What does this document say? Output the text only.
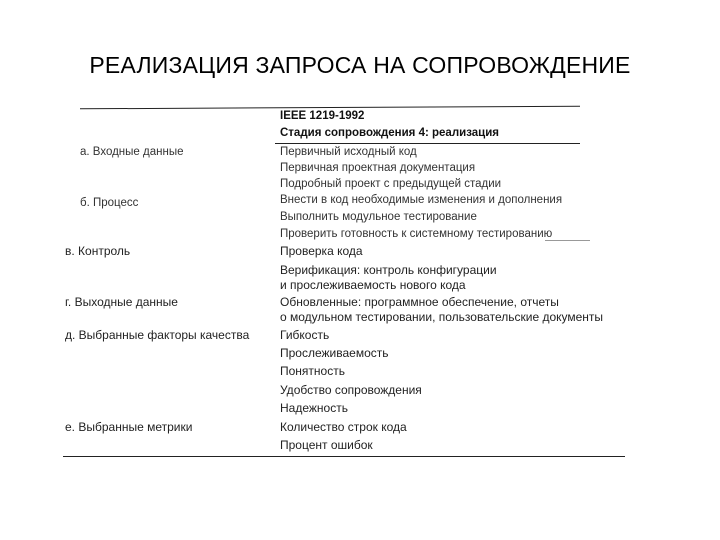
РЕАЛИЗАЦИЯ ЗАПРОСА НА СОПРОВОЖДЕНИЕ
IEEE 1219-1992
Стадия сопровождения 4: реализация
а. Входные данные	Первичный исходный код
Первичная проектная документация
Подробный проект с предыдущей стадии
б. Процесс	Внести в код необходимые изменения и дополнения
Выполнить модульное тестирование
Проверить готовность к системному тестированию
в. Контроль	Проверка кода
Верификация: контроль конфигурации
и прослеживаемость нового кода
г. Выходные данные	Обновленные: программное обеспечение, отчеты
о модульном тестировании, пользовательские документы
д. Выбранные факторы качества	Гибкость
Прослеживаемость
Понятность
Удобство сопровождения
Надежность
е. Выбранные метрики	Количество строк кода
Процент ошибок
